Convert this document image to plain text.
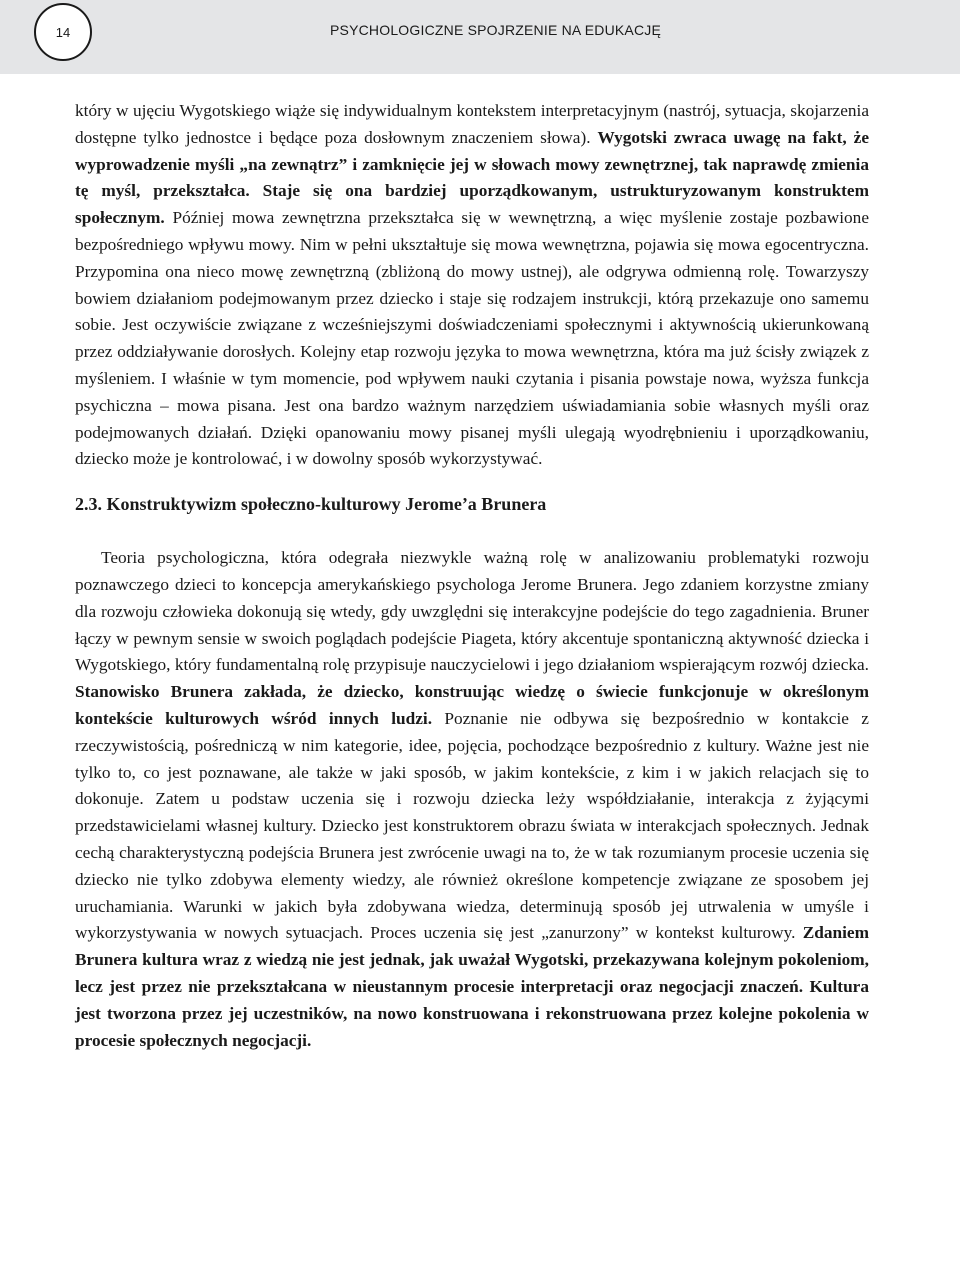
14	PSYCHOLOGICZNE SPOJRZENIE NA EDUKACJĘ

który w ujęciu Wygotskiego wiąże się indywidualnym kontekstem interpretacyjnym (nastrój, sytuacja, skojarzenia dostępne tylko jednostce i będące poza dosłownym znaczeniem słowa). Wygotski zwraca uwagę na fakt, że wyprowadzenie myśli „na zewnątrz” i zamknięcie jej w słowach mowy zewnętrznej, tak naprawdę zmienia tę myśl, przekształca. Staje się ona bardziej uporządkowanym, ustrukturyzowanym konstruktem społecznym. Później mowa zewnętrzna przekształca się w wewnętrzną, a więc myślenie zostaje pozbawione bezpośredniego wpływu mowy. Nim w pełni ukształtuje się mowa wewnętrzna, pojawia się mowa egocentryczna. Przypomina ona nieco mowę zewnętrzną (zbliżoną do mowy ustnej), ale odgrywa odmienną rolę. Towarzyszy bowiem działaniom podejmowanym przez dziecko i staje się rodzajem instrukcji, którą przekazuje ono samemu sobie. Jest oczywiście związane z wcześniejszymi doświadczeniami społecznymi i aktywnością ukierunkowaną przez oddziaływanie dorosłych. Kolejny etap rozwoju języka to mowa wewnętrzna, która ma już ścisły związek z myśleniem. I właśnie w tym momencie, pod wpływem nauki czytania i pisania powstaje nowa, wyższa funkcja psychiczna – mowa pisana. Jest ona bardzo ważnym narzędziem uświadamiania sobie własnych myśli oraz podejmowanych działań. Dzięki opanowaniu mowy pisanej myśli ulegają wyodrębnieniu i uporządkowaniu, dziecko może je kontrolować, i w dowolny sposób wykorzystywać.

2.3. Konstruktywizm społeczno-kulturowy Jerome’a Brunera

Teoria psychologiczna, która odegrała niezwykle ważną rolę w analizowaniu problematyki rozwoju poznawczego dzieci to koncepcja amerykańskiego psychologa Jerome Brunera. Jego zdaniem korzystne zmiany dla rozwoju człowieka dokonują się wtedy, gdy uwzględni się interakcyjne podejście do tego zagadnienia. Bruner łączy w pewnym sensie w swoich poglądach podejście Piageta, który akcentuje spontaniczną aktywność dziecka i Wygotskiego, który fundamentalną rolę przypisuje nauczycielowi i jego działaniom wspierającym rozwój dziecka. Stanowisko Brunera zakłada, że dziecko, konstruując wiedzę o świecie funkcjonuje w określonym kontekście kulturowych wśród innych ludzi. Poznanie nie odbywa się bezpośrednio w kontakcie z rzeczywistością, pośredniczą w nim kategorie, idee, pojęcia, pochodzące bezpośrednio z kultury. Ważne jest nie tylko to, co jest poznawane, ale także w jaki sposób, w jakim kontekście, z kim i w jakich relacjach się to dokonuje. Zatem u podstaw uczenia się i rozwoju dziecka leży współdziałanie, interakcja z żyjącymi przedstawicielami własnej kultury. Dziecko jest konstruktorem obrazu świata w interakcjach społecznych. Jednak cechą charakterystyczną podejścia Brunera jest zwrócenie uwagi na to, że w tak rozumianym procesie uczenia się dziecko nie tylko zdobywa elementy wiedzy, ale również określone kompetencje związane ze sposobem jej uruchamiania. Warunki w jakich była zdobywana wiedza, determinują sposób jej utrwalenia w umyśle i wykorzystywania w nowych sytuacjach. Proces uczenia się jest „zanurzony” w kontekst kulturowy. Zdaniem Brunera kultura wraz z wiedzą nie jest jednak, jak uważał Wygotski, przekazywana kolejnym pokoleniom, lecz jest przez nie przekształcana w nieustannym procesie interpretacji oraz negocjacji znaczeń. Kultura jest tworzona przez jej uczestników, na nowo konstruowana i rekonstruowana przez kolejne pokolenia w procesie społecznych negocjacji.
